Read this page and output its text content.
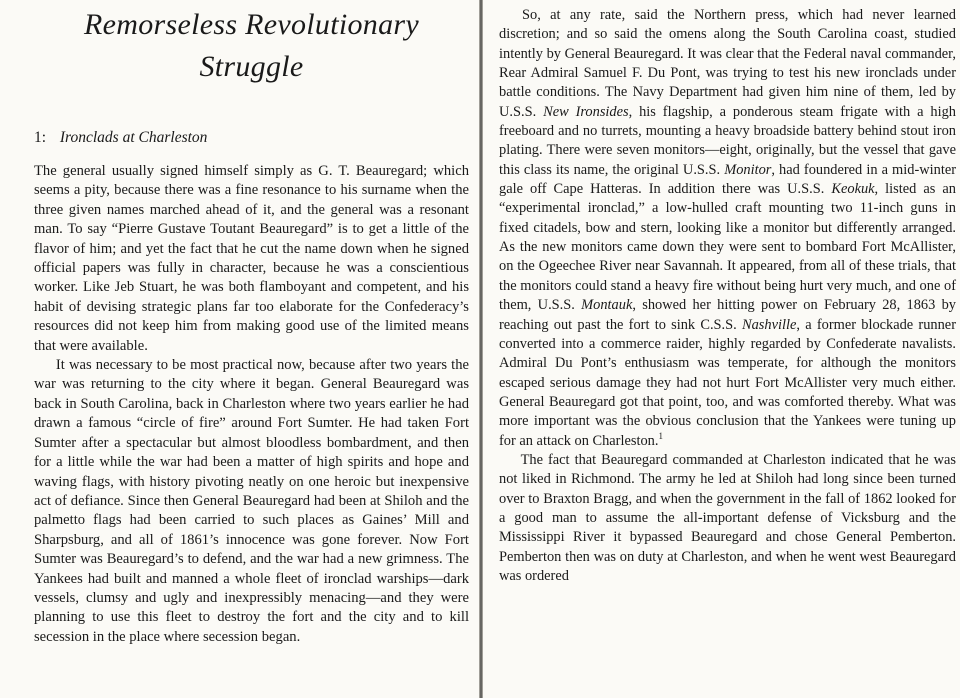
Remorseless Revolutionary
Struggle
1: Ironclads at Charleston

The general usually signed himself simply as G. T. Beauregard; which seems a pity, because there was a fine resonance to his surname when the three given names marched ahead of it, and the general was a resonant man. To say “Pierre Gustave Toutant Beauregard” is to get a little of the flavor of him; and yet the fact that he cut the name down when he signed official papers was fully in character, because he was a conscientious worker. Like Jeb Stuart, he was both flamboyant and competent, and his habit of devising strategic plans far too elaborate for the Confederacy’s resources did not keep him from making good use of the limited means that were available.

It was necessary to be most practical now, because after two years the war was returning to the city where it began. General Beauregard was back in South Carolina, back in Charleston where two years earlier he had drawn a famous “circle of fire” around Fort Sumter. He had taken Fort Sumter after a spectacular but almost bloodless bombardment, and then for a little while the war had been a matter of high spirits and hope and waving flags, with history pivoting neatly on one heroic but inexpensive act of defiance. Since then General Beauregard had been at Shiloh and the palmetto flags had been carried to such places as Gaines’ Mill and Sharpsburg, and all of 1861’s innocence was gone forever. Now Fort Sumter was Beauregard’s to defend, and the war had a new grimness. The Yankees had built and manned a whole fleet of ironclad warships—dark vessels, clumsy and ugly and inexpressibly menacing—and they were planning to use this fleet to destroy the fort and the city and to kill secession in the place where secession began.

So, at any rate, said the Northern press, which had never learned discretion; and so said the omens along the South Carolina coast, studied intently by General Beauregard. It was clear that the Federal naval commander, Rear Admiral Samuel F. Du Pont, was trying to test his new ironclads under battle conditions. The Navy Department had given him nine of them, led by U.S.S. New Ironsides, his flagship, a ponderous steam frigate with a high freeboard and no turrets, mounting a heavy broadside battery behind stout iron plating. There were seven monitors—eight, originally, but the vessel that gave this class its name, the original U.S.S. Monitor, had foundered in a mid-winter gale off Cape Hatteras. In addition there was U.S.S. Keokuk, listed as an “experimental ironclad,” a low-hulled craft mounting two 11-inch guns in fixed citadels, bow and stern, looking like a monitor but differently arranged. As the new monitors came down they were sent to bombard Fort McAllister, on the Ogeechee River near Savannah. It appeared, from all of these trials, that the monitors could stand a heavy fire without being hurt very much, and one of them, U.S.S. Montauk, showed her hitting power on February 28, 1863 by reaching out past the fort to sink C.S.S. Nashville, a former blockade runner converted into a commerce raider, highly regarded by Confederate navalists. Admiral Du Pont’s enthusiasm was temperate, for although the monitors escaped serious damage they had not hurt Fort McAllister very much either. General Beauregard got that point, too, and was comforted thereby. What was more important was the obvious conclusion that the Yankees were tuning up for an attack on Charleston.$^1$

The fact that Beauregard commanded at Charleston indicated that he was not liked in Richmond. The army he led at Shiloh had long since been turned over to Braxton Bragg, and when the government in the fall of 1862 looked for a good man to assume the all-important defense of Vicksburg and the Mississippi River it bypassed Beauregard and chose General Pemberton. Pemberton then was on duty at Charleston, and when he went west Beauregard was ordered
